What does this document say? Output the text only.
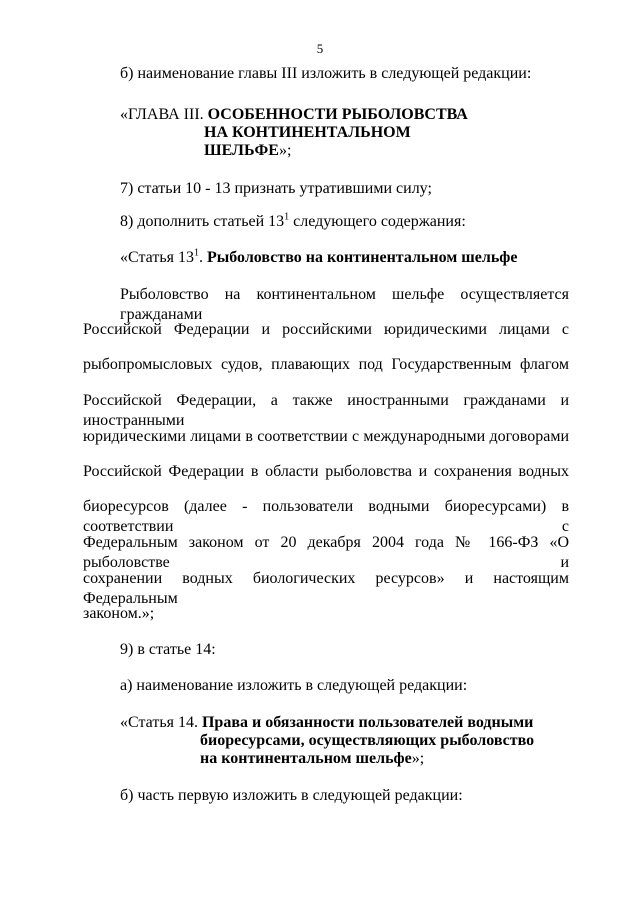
5
б) наименование главы III изложить в следующей редакции:
«ГЛАВА III. ОСОБЕННОСТИ РЫБОЛОВСТВА
НА КОНТИНЕНТАЛЬНОМ
ШЕЛЬФЕ»;
7) статьи 10 - 13 признать утратившими силу;
8) дополнить статьей $13^1$ следующего содержания:
«Статья $13^1$. Рыболовство на континентальном шельфе
Рыболовство на континентальном шельфе осуществляется гражданами
Российской Федерации и российскими юридическими лицами с
рыбопромысловых судов, плавающих под Государственным флагом
Российской Федерации, а также иностранными гражданами и иностранными
юридическими лицами в соответствии с международными договорами
Российской Федерации в области рыболовства и сохранения водных
биоресурсов (далее - пользователи водными биоресурсами) в соответствии с
Федеральным законом от 20 декабря 2004 года № 166-ФЗ «О рыболовстве и
сохранении водных биологических ресурсов» и настоящим Федеральным
законом.»;
9) в статье 14:
а) наименование изложить в следующей редакции:
«Статья 14. Права и обязанности пользователей водными
биоресурсами, осуществляющих рыболовство
на континентальном шельфе»;
б) часть первую изложить в следующей редакции:
